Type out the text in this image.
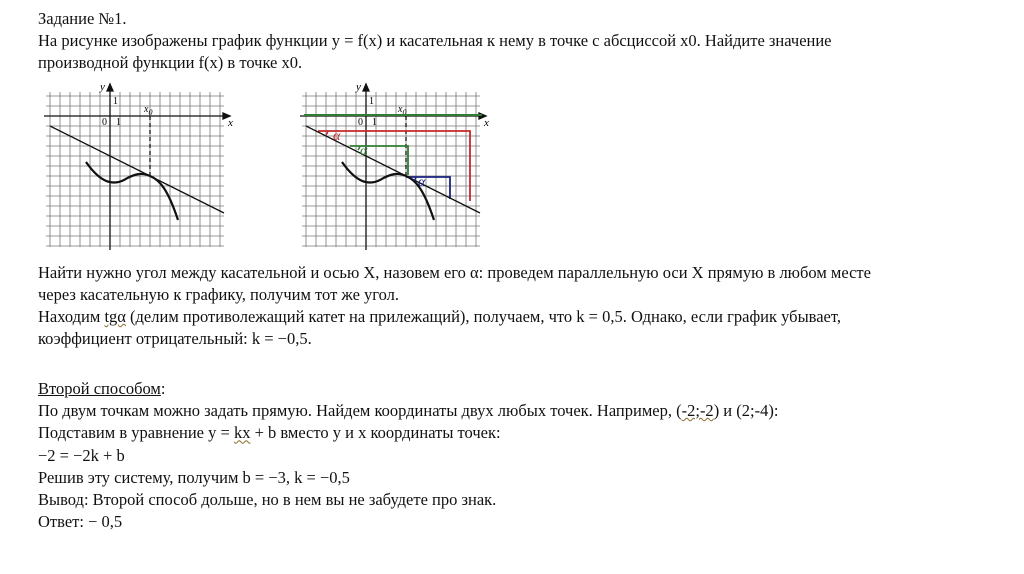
Задание №1.
На рисунке изображены график функции y = f(x) и касательная к нему в точке с абсциссой x0. Найдите значение
производной функции f(x) в точке x0.
y
x
1
0 1
$x_0$
y
x
1
0 1
$x_0$
α
α
α
Найти нужно угол между касательной и осью X, назовем его α: проведем параллельную оси X прямую в любом месте
через касательную к графику, получим тот же угол.
Находим tgα (делим противолежащий катет на прилежащий), получаем, что k = 0,5. Однако, если график убывает,
коэффициент отрицательный: k = −0,5.
Второй способом:
По двум точкам можно задать прямую. Найдем координаты двух любых точек. Например, (-2;-2) и (2;-4):
Подставим в уравнение y = kx + b вместо y и x координаты точек:
−2 = −2k + b
Решив эту систему, получим b = −3, k = −0,5
Вывод: Второй способ дольше, но в нем вы не забудете про знак.
Ответ: − 0,5
